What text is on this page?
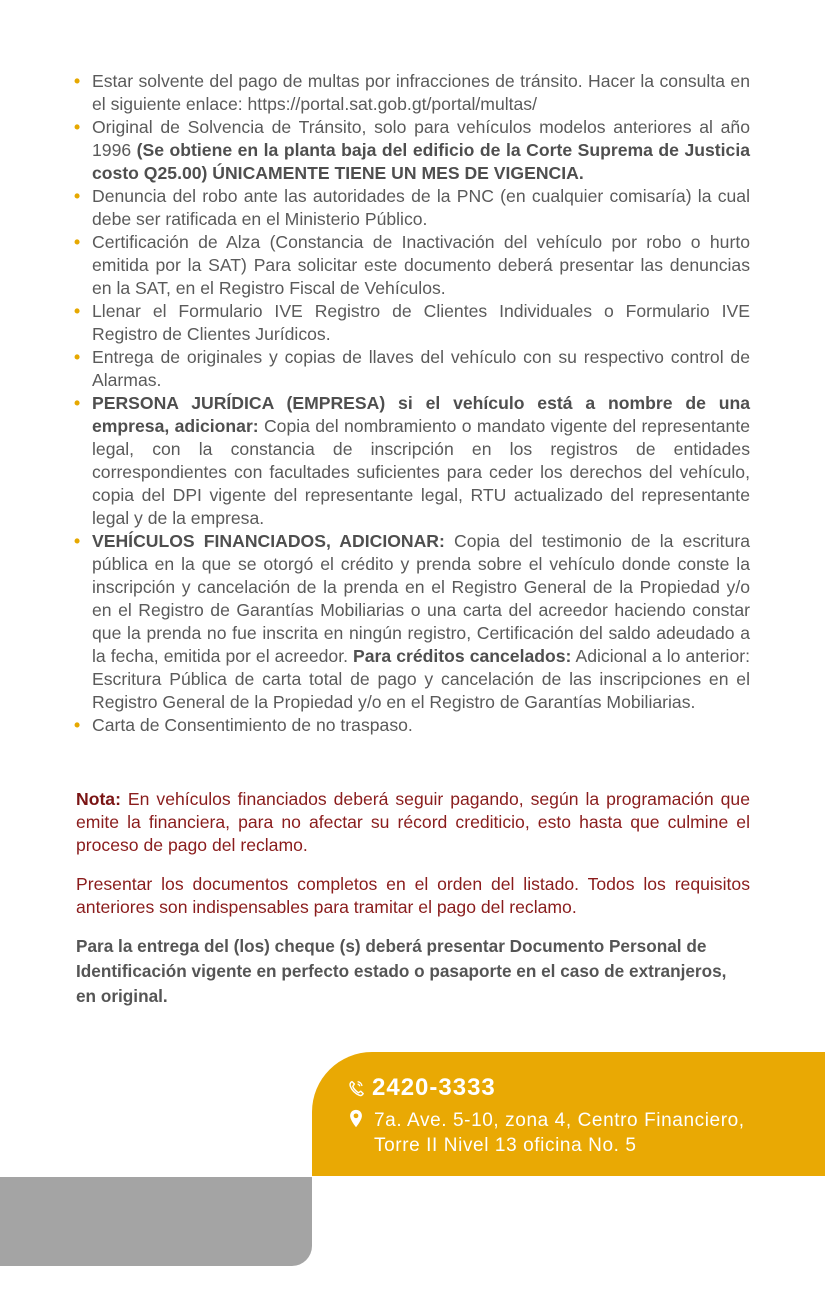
• Estar solvente del pago de multas por infracciones de tránsito. Hacer la consulta en el siguiente enlace: https://portal.sat.gob.gt/portal/multas/
• Original de Solvencia de Tránsito, solo para vehículos modelos anteriores al año 1996 (Se obtiene en la planta baja del edificio de la Corte Suprema de Justicia costo Q25.00) ÚNICAMENTE TIENE UN MES DE VIGENCIA.
• Denuncia del robo ante las autoridades de la PNC (en cualquier comisaría) la cual debe ser ratificada en el Ministerio Público.
• Certificación de Alza (Constancia de Inactivación del vehículo por robo o hurto emitida por la SAT) Para solicitar este documento deberá presentar las denuncias en la SAT, en el Registro Fiscal de Vehículos.
• Llenar el Formulario IVE Registro de Clientes Individuales o Formulario IVE Registro de Clientes Jurídicos.
• Entrega de originales y copias de llaves del vehículo con su respectivo control de Alarmas.
• PERSONA JURÍDICA (EMPRESA) si el vehículo está a nombre de una empresa, adicionar: Copia del nombramiento o mandato vigente del representante legal, con la constancia de inscripción en los registros de entidades correspondientes con facultades suficientes para ceder los derechos del vehículo, copia del DPI vigente del representante legal, RTU actualizado del representante legal y de la empresa.
• VEHÍCULOS FINANCIADOS, ADICIONAR: Copia del testimonio de la escritura pública en la que se otorgó el crédito y prenda sobre el vehículo donde conste la inscripción y cancelación de la prenda en el Registro General de la Propiedad y/o en el Registro de Garantías Mobiliarias o una carta del acreedor haciendo constar que la prenda no fue inscrita en ningún registro, Certificación del saldo adeudado a la fecha, emitida por el acreedor. Para créditos cancelados: Adicional a lo anterior: Escritura Pública de carta total de pago y cancelación de las inscripciones en el Registro General de la Propiedad y/o en el Registro de Garantías Mobiliarias.
• Carta de Consentimiento de no traspaso.

Nota: En vehículos financiados deberá seguir pagando, según la programación que emite la financiera, para no afectar su récord crediticio, esto hasta que culmine el proceso de pago del reclamo.

Presentar los documentos completos en el orden del listado. Todos los requisitos anteriores son indispensables para tramitar el pago del reclamo.

Para la entrega del (los) cheque (s) deberá presentar Documento Personal de Identificación vigente en perfecto estado o pasaporte en el caso de extranjeros, en original.

2420-3333
7a. Ave. 5-10, zona 4, Centro Financiero,
Torre II Nivel 13 oficina No. 5
